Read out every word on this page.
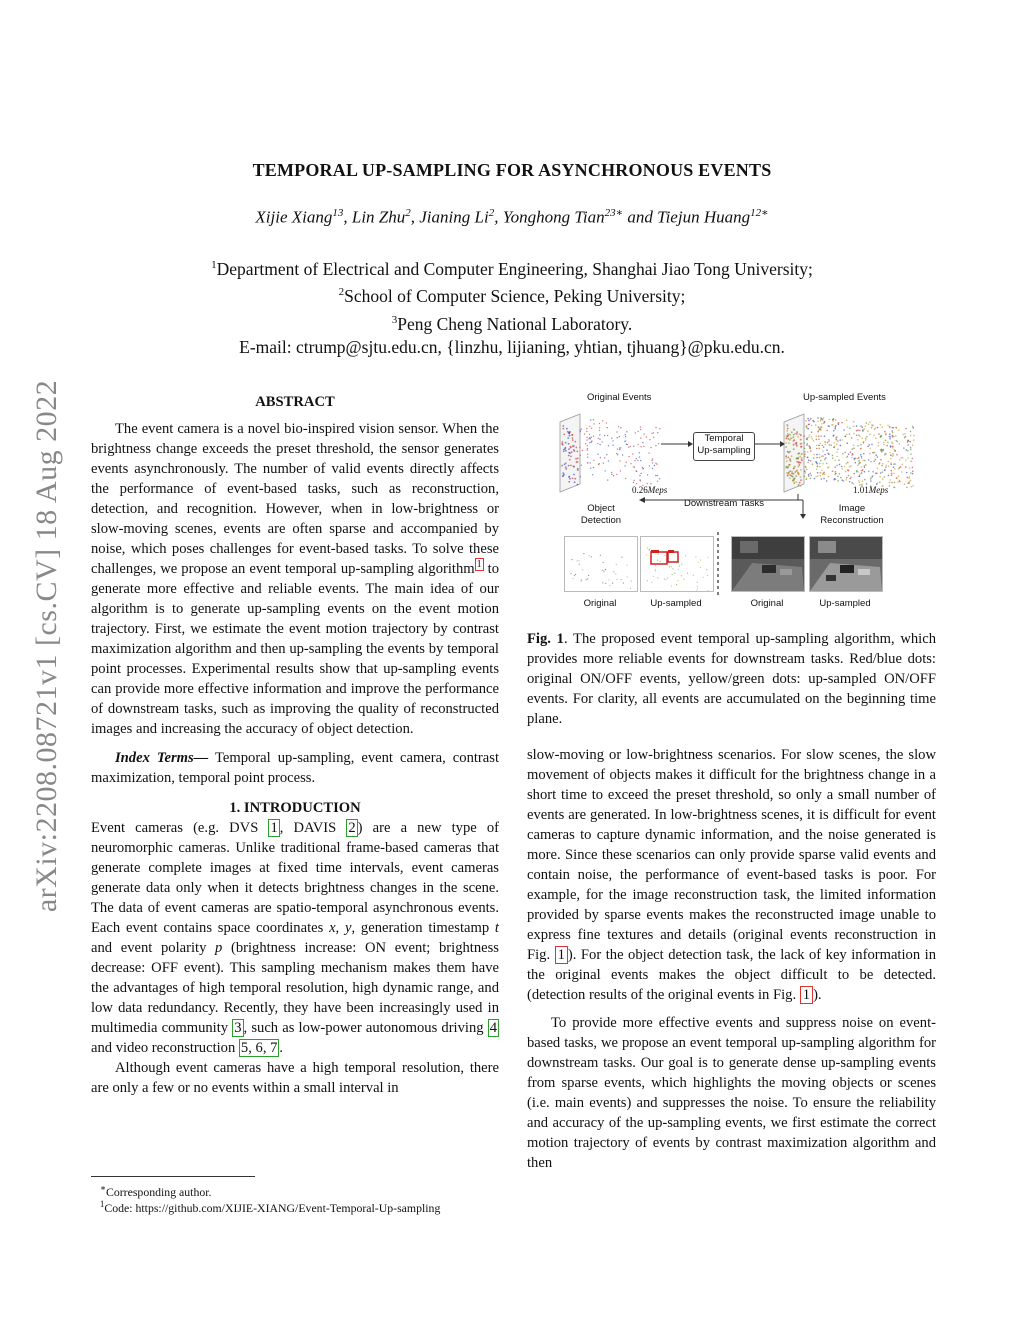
arXiv:2208.08721v1 [cs.CV] 18 Aug 2022
TEMPORAL UP-SAMPLING FOR ASYNCHRONOUS EVENTS
Xijie Xiang$^{13}$, Lin Zhu$^2$, Jianing Li$^2$, Yonghong Tian$^{23∗}$ and Tiejun Huang$^{12∗}$
$^1$Department of Electrical and Computer Engineering, Shanghai Jiao Tong University;
$^2$School of Computer Science, Peking University;
$^3$Peng Cheng National Laboratory.
E-mail: ctrump@sjtu.edu.cn, {linzhu, lijianing, yhtian, tjhuang}@pku.edu.cn.
ABSTRACT

The event camera is a novel bio-inspired vision sensor. When the brightness change exceeds the preset threshold, the sensor generates events asynchronously. The number of valid events directly affects the performance of event-based tasks, such as reconstruction, detection, and recognition. However, when in low-brightness or slow-moving scenes, events are often sparse and accompanied by noise, which poses challenges for event-based tasks. To solve these challenges, we propose an event temporal up-sampling algorithm $^1$ to generate more effective and reliable events. The main idea of our algorithm is to generate up-sampling events on the event motion trajectory. First, we estimate the event motion trajectory by contrast maximization algorithm and then up-sampling the events by temporal point processes. Experimental results show that up-sampling events can provide more effective information and improve the performance of downstream tasks, such as improving the quality of reconstructed images and increasing the accuracy of object detection.

Index Terms— Temporal up-sampling, event camera, contrast maximization, temporal point process.

1. INTRODUCTION

Event cameras (e.g. DVS 1 , DAVIS 2 ) are a new type of neuromorphic cameras. Unlike traditional frame-based cameras that generate complete images at fixed time intervals, event cameras generate data only when it detects brightness changes in the scene. The data of event cameras are spatio-temporal asynchronous events. Each event contains space coordinates x, y, generation timestamp t and event polarity p (brightness increase: ON event; brightness decrease: OFF event). This sampling mechanism makes them have the advantages of high temporal resolution, high dynamic range, and low data redundancy. Recently, they have been increasingly used in multimedia community 3 , such as low-power autonomous driving 4 and video reconstruction 5, 6, 7 .

Although event cameras have a high temporal resolution, there are only a few or no events within a small interval in

∗Corresponding author.
$^1$Code: https://github.com/XIJIE-XIANG/Event-Temporal-Up-sampling
Original Events	Up-sampled Events
Temporal
Up-sampling
0.26Meps	1.01Meps
Downstream Tasks
Object
Detection
Image
Reconstruction
Original	Up-sampled	Original	Up-sampled

Fig. 1. The proposed event temporal up-sampling algorithm, which provides more reliable events for downstream tasks. Red/blue dots: original ON/OFF events, yellow/green dots: up-sampled ON/OFF events. For clarity, all events are accumulated on the beginning time plane.

slow-moving or low-brightness scenarios. For slow scenes, the slow movement of objects makes it difficult for the brightness change in a short time to exceed the preset threshold, so only a small number of events are generated. In low-brightness scenes, it is difficult for event cameras to capture dynamic information, and the noise generated is more. Since these scenarios can only provide sparse valid events and contain noise, the performance of event-based tasks is poor. For example, for the image reconstruction task, the limited information provided by sparse events makes the reconstructed image unable to express fine textures and details (original events reconstruction in Fig. 1 ). For the object detection task, the lack of key information in the original events makes the object difficult to be detected. (detection results of the original events in Fig. 1 ).

To provide more effective events and suppress noise on event-based tasks, we propose an event temporal up-sampling algorithm for downstream tasks. Our goal is to generate dense up-sampling events from sparse events, which highlights the moving objects or scenes (i.e. main events) and suppresses the noise. To ensure the reliability and accuracy of the up-sampling events, we first estimate the correct motion trajectory of events by contrast maximization algorithm and then
